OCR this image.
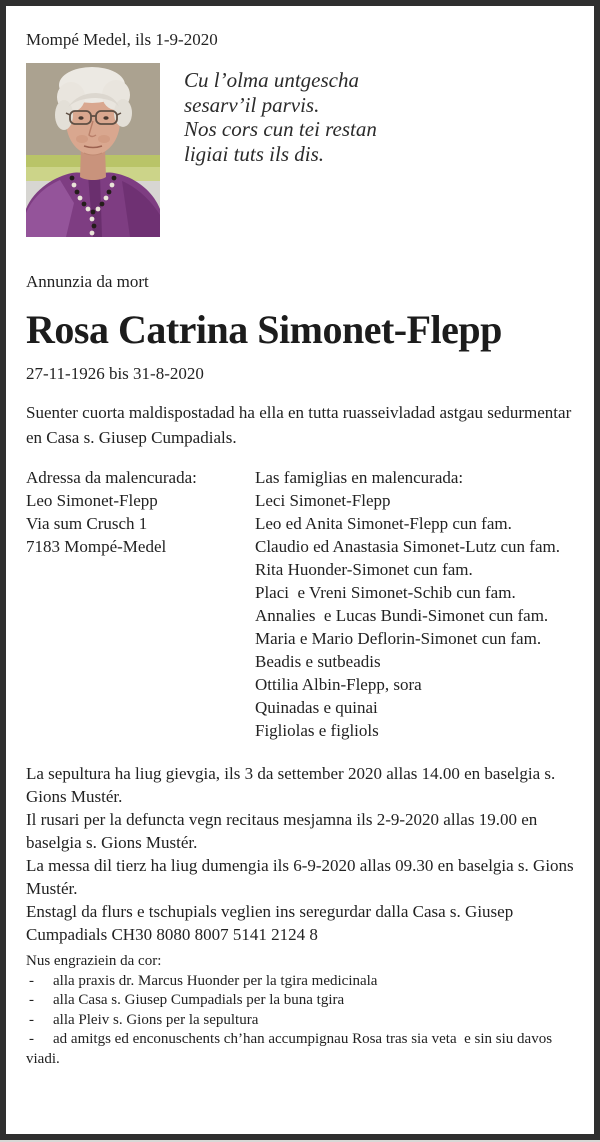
Mompé Medel, ils 1-9-2020
Cu l’olma untgescha
sesarv’il parvis.
Nos cors cun tei restan
ligiai tuts ils dis.
Annunzia da mort
Rosa Catrina Simonet-Flepp
27-11-1926 bis 31-8-2020

Suenter cuorta maldispostadad ha ella en tutta ruasseivladad astgau sedurmentar en Casa s. Giusep Cumpadials.

Adressa da malencurada:
Leo Simonet-Flepp
Via sum Crusch 1
7183 Mompé-Medel
Las famiglias en malencurada:
Leci Simonet-Flepp
Leo ed Anita Simonet-Flepp cun fam.
Claudio ed Anastasia Simonet-Lutz cun fam.
Rita Huonder-Simonet cun fam.
Placi  e Vreni Simonet-Schib cun fam.
Annalies  e Lucas Bundi-Simonet cun fam.
Maria e Mario Deflorin-Simonet cun fam.
Beadis e sutbeadis
Ottilia Albin-Flepp, sora
Quinadas e quinai
Figliolas e figliols
La sepultura ha liug gievgia, ils 3 da settember 2020 allas 14.00 en baselgia s. Gions Mustér.
Il rusari per la defuncta vegn recitaus mesjamna ils 2-9-2020 allas 19.00 en baselgia s. Gions Mustér.
La messa dil tierz ha liug dumengia ils 6-9-2020 allas 09.30 en baselgia s. Gions Mustér.
Enstagl da flurs e tschupials veglien ins seregurdar dalla Casa s. Giusep Cumpadials CH30 8080 8007 5141 2124 8
Nus engraziein da cor:
- alla praxis dr. Marcus Huonder per la tgira medicinala
- alla Casa s. Giusep Cumpadials per la buna tgira
- alla Pleiv s. Gions per la sepultura
- ad amitgs ed enconuschents ch’han accumpignau Rosa tras sia veta  e sin siu davos viadi.
